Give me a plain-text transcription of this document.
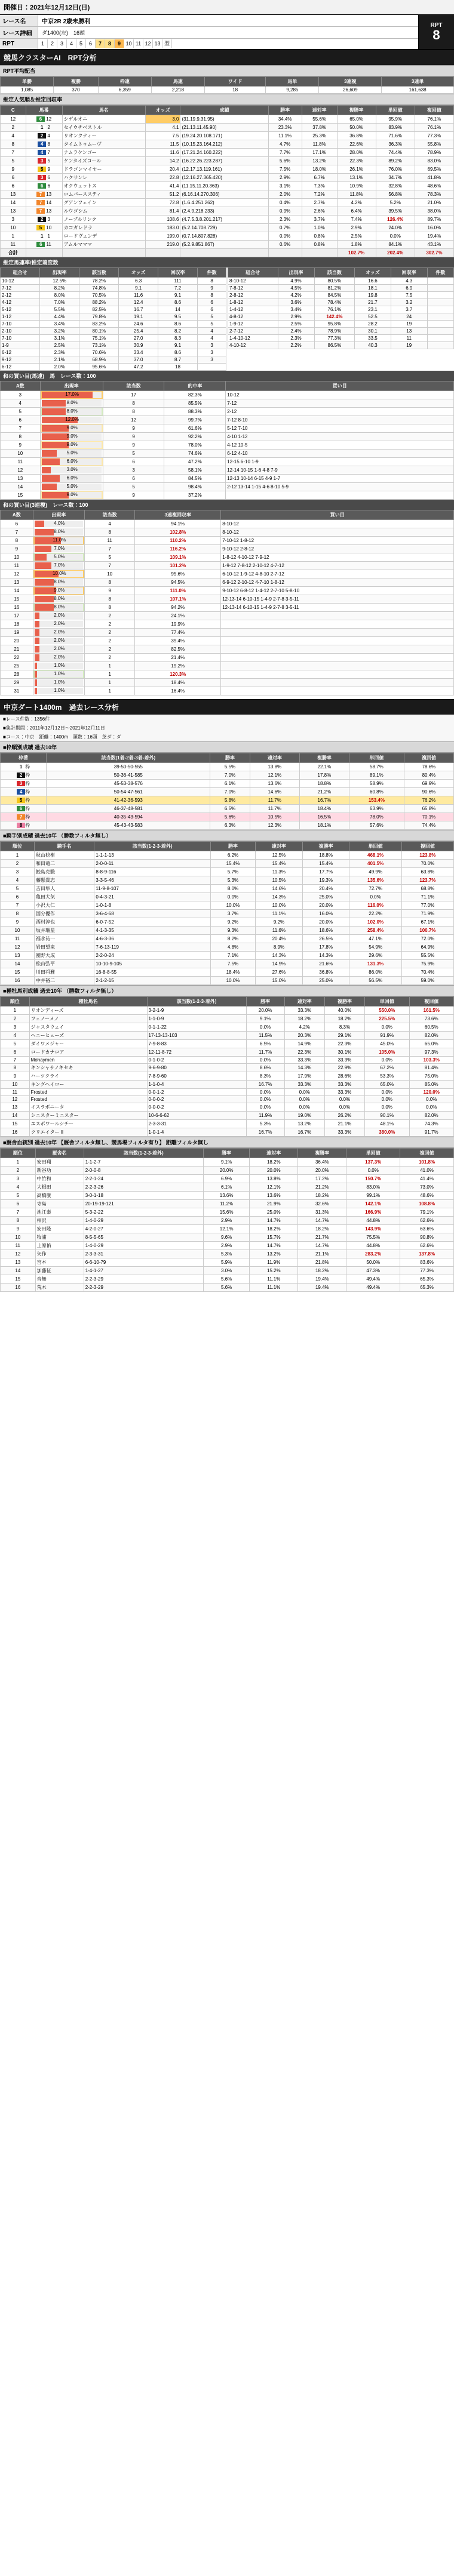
開催日：2021年12月12日(日)
レース名	中京2R 2歳未勝利
レース詳細	ダ1400(左)　16頭
RPT	1	2	3	4	5	6	7	8	9 10 11 12 13 型
RPT
8
競馬クラスターAI　RPT分析
RPT平均配当
単勝	複勝	枠連	馬連	ワイド	馬単	3連複	3連単
1,085	370	6,359	2,218	18	9,285	26,609	161,638
推定人気順＆推定回収率
С	馬番	馬名	オッズ	成績	勝率	連対率	複勝率	単回値	複回値
12	6 12	シゲルオニ	3.0	(31.19.9.31.95)	34.4%	55.6%	65.0%	95.9%	76.1%
2	1 2	セイウチベストル	4.1	(21.13.11.45.90)	23.3%	37.8%	50.0%	83.9%	76.1%
4	2 4	リオンクティー	7.5	(19.24.20.108.171)	11.1%	25.3%	36.8%	71.6%	77.3%
8	4 8	タイムトゥムーヴ	11.5	(10.15.23.164.212)	4.7%	11.8%	22.6%	36.3%	55.8%
7	4 7	ナムラケンゴー	11.6	(17.21.24.160.222)	7.7%	17.1%	28.0%	74.4%	78.9%
5	3 5	ケンタイズコール	14.2	(16.22.26.223.287)	5.6%	13.2%	22.3%	89.2%	83.0%
9	5 9	ドラゴンマイヤー	20.4	(12.17.13.119.161)	7.5%	18.0%	26.1%	76.0%	69.5%
6	3 6	ハクサンレ	22.8	(12.16.27.365.420)	2.9%	6.7%	13.1%	34.7%	41.8%
6	6 6	オクウェットス	41.4	(11.15.11.20.363)	3.1%	7.3%	10.9%	32.8%	48.6%
13	7 13	ロムパーススティ	51.2	(6.16.14.270.306)	2.0%	7.2%	11.8%	56.8%	78.3%
14	7 14	グアンフェイン	72.8	(1.6.4.251.262)	0.4%	2.7%	4.2%	5.2%	21.0%
13	7 13	ルウゴシム	81.4	(2.4.9.218.233)	0.9%	2.6%	6.4%	39.5%	38.0%
3	2 3	ノーブルリンク	108.6	(4.7.5.3.8.201.217)	2.3%	3.7%	7.4%	126.4%	89.7%
10	5 10	カコガレドラ	183.0	(5.2.14.708.729)	0.7%	1.0%	2.9%	24.0%	16.0%
1	1 1	ロードヴェンデ	199.0	(0.7.14.807.828)	0.0%	0.8%	2.5%	0.0%	19.4%
11	6 11	アムルマママ	219.0	(5.2.9.851.867)	0.6%	0.8%	1.8%	84.1%	43.1%
合計							102.7%	202.4%	302.7%
推定馬連率/推定着度数
組合せ	出現率	該当数	オッズ	回収率	件数
10-12	12.5%	78.2%	6.3	111	8
7-12	8.2%	74.8%	9.1	7.2	9
2-12	8.0%	70.5%	11.6	9.1	8
4-12	7.0%	88.2%	12.4	8.6	6
5-12	5.5%	82.5%	16.7	14	6
1-12	4.4%	79.8%	19.1	9.5	5
7-10	3.4%	83.2%	24.6	8.6	5
2-10	3.2%	80.1%	25.4	8.2	4
7-10	3.1%	75.1%	27.0	8.3	4
1-9	2.5%	73.1%	30.9	9.1	3
6-12	2.3%	70.6%	33.4	8.6	3
9-12	2.1%	68.9%	37.0	8.7	3
6-12	2.0%	95.6%	47.2	18	
組合せ	出現率	該当数	オッズ	回収率	件数
8-10-12	4.9%	80.5%	16.6	4.3	
7-8-12	4.5%	81.2%	18.1	6.9	
2-8-12	4.2%	84.5%	19.8	7.5	
1-8-12	3.6%	78.4%	21.7	3.2	
1-4-12	3.4%	76.1%	23.1	3.7	
4-8-12	2.9%	142.4%	52.5	24	
1-9-12	2.5%	95.8%	28.2	19	
2-7-12	2.4%	78.9%	30.1	13	
1-4-10-12	2.3%	77.3%	33.5	11	
4-10-12	2.2%	86.5%	40.3	19	
和の買い目(馬連)　馬　レース数：100
A数	出現率	該当数	的中率	買い目
3	17.0%	17	82.3%	10-12
4	8.0%	8	85.5%	7-12
5	8.0%	8	88.3%	2-12
6	12.0%	12	99.7%	7-12 8-10
7	9.0%	9	61.6%	5-12 7-10
8	9.0%	9	92.2%	4-10 1-12
9	9.0%	9	78.0%	4-12 10-5
10	5.0%	5	74.6%	6-12 4-10
11	6.0%	6	47.2%	12-15 6-10 1-9
12	3.0%	3	58.1%	12-14 10-15 1-6 4-8 7-9
13	6.0%	6	84.5%	12-13 10-14 6-15 4-9 1-7
14	5.0%	5	98.4%	2-12 13-14 1-15 4-6 8-10 5-9
15	9.0%	9	37.2%	
和の買い目(3連複)　レース数：100
A数	出現率	該当数	3連複回収率	買い目
6	4.0%	4	94.1%	8-10-12
7	8.0%	8	102.8%	8-10-12
8	11.0%	11	110.2%	7-10-12 1-8-12
9	7.0%	7	116.2%	9-10-12 2-8-12
10	5.0%	5	109.1%	1-8-12 4-10-12 7-9-12
11	7.0%	7	101.2%	1-9-12 7-8-12 2-10-12 4-7-12
12	10.0%	10	95.6%	6-10-12 1-9-12 4-8-10 2-7-12
13	8.0%	8	94.5%	6-9-12 2-10-12 4-7-10 1-8-12
14	9.0%	9	111.0%	9-10-12 6-8-12 1-4-12 2-7-10 5-8-10
15	8.0%	8	107.1%	12-13-14 6-10-15 1-4-9 2-7-8 3-5-11
16	8.0%	8	94.2%	12-13-14 6-10-15 1-4-9 2-7-8 3-5-11
17	2.0%	2	24.1%	
18	2.0%	2	19.9%	
19	2.0%	2	77.4%	
20	2.0%	2	39.4%	
21	2.0%	2	82.5%	
22	2.0%	2	21.4%	
25	1.0%	1	19.2%	
28	1.0%	1	120.3%	
29	1.0%	1	18.4%	
31	1.0%	1	16.4%	
中京ダート1400m　過去レース分析
■レース件数：1356件
■集計期間：2011年12月12日〜2021年12月11日
■コース：中京　距離：1400m　頭数：16頭　芝ダ：ダ
■枠順別成績 過去10年
枠番	該当数(1着-2着-3着-着外)	勝率	連対率	複勝率	単回値	複回値
1 枠	39-50-50-555	5.5%	13.8%	22.1%	58.7%	78.6%
2 枠	50-36-41-585	7.0%	12.1%	17.8%	89.1%	80.4%
3 枠	45-53-38-576	6.1%	13.6%	18.8%	58.9%	69.9%
4 枠	50-54-47-561	7.0%	14.6%	21.2%	60.8%	90.6%
5 枠	41-42-36-593	5.8%	11.7%	16.7%	153.4%	76.2%
6 枠	46-37-48-581	6.5%	11.7%	18.4%	63.9%	65.8%
7 枠	40-35-43-594	5.6%	10.5%	16.5%	78.0%	70.1%
8 枠	45-43-43-583	6.3%	12.3%	18.1%	57.6%	74.4%
■騎手別成績 過去10年 （勝数フィルタ無し）
順位	騎手名	該当数(1-2-3-着外)	勝率	連対率	複勝率	単回値	複回値
1	秋山稔樹	1-1-1-13	6.2%	12.5%	18.8%	468.1%	123.8%
2	和田竜二	2-0-0-11	15.4%	15.4%	15.4%	401.5%	70.0%
3	鮫島克駿	8-8-9-116	5.7%	11.3%	17.7%	49.9%	63.8%
4	藤懸貴志	3-3-5-46	5.3%	10.5%	19.3%	135.6%	123.7%
5	吉田隼人	11-9-8-107	8.0%	14.6%	20.4%	72.7%	68.8%
6	亀田大気	0-4-3-21	0.0%	14.3%	25.0%	0.0%	71.1%
7	小沢大仁	1-0-1-8	10.0%	10.0%	20.0%	116.0%	77.0%
8	国分優作	3-6-4-68	3.7%	11.1%	16.0%	22.2%	71.9%
9	西村淳也	6-0-7-52	9.2%	9.2%	20.0%	102.0%	67.1%
10	坂井瑠星	4-1-3-35	9.3%	11.6%	18.6%	258.4%	100.7%
11	福永祐一	4-6-3-36	8.2%	20.4%	26.5%	47.1%	72.0%
12	岩田望来	7-6-13-119	4.8%	8.9%	17.8%	54.9%	64.9%
13	團野大成	2-2-0-24	7.1%	14.3%	14.3%	29.6%	55.5%
14	松山弘平	10-10-9-105	7.5%	14.9%	21.6%	131.3%	75.9%
15	川田将雅	16-8-8-55	18.4%	27.6%	36.8%	86.0%	70.4%
16	中井裕二	2-1-2-15	10.0%	15.0%	25.0%	56.5%	59.0%
■種牡馬別成績 過去10年 （勝数フィルタ無し）
順位	種牡馬名	該当数(1-2-3-着外)	勝率	連対率	複勝率	単回値	複回値
1	リオンディーズ	3-2-1-9	20.0%	33.3%	40.0%	550.0%	161.5%
2	フェノーメノ	1-1-0-9	9.1%	18.2%	18.2%	225.5%	73.6%
3	ジャスタウェイ	0-1-1-22	0.0%	4.2%	8.3%	0.0%	60.5%
4	ヘニーヒューズ	17-13-13-103	11.5%	20.3%	29.1%	91.9%	82.0%
5	ダイワメジャー	7-9-8-83	6.5%	14.9%	22.3%	45.0%	65.0%
6	ロードカナロア	12-11-8-72	11.7%	22.3%	30.1%	105.0%	97.3%
7	Mohaymen	0-1-0-2	0.0%	33.3%	33.3%	0.0%	103.3%
8	キンシャサノキセキ	9-6-9-80	8.6%	14.3%	22.9%	67.2%	81.4%
9	ハーツクライ	7-8-9-60	8.3%	17.9%	28.6%	53.3%	75.0%
10	キングヘイロー	1-1-0-4	16.7%	33.3%	33.3%	65.0%	85.0%
11	Frosted	0-0-1-2	0.0%	0.0%	33.3%	0.0%	120.0%
12	Frosted	0-0-0-2	0.0%	0.0%	0.0%	0.0%	0.0%
13	イスラボニータ	0-0-0-2	0.0%	0.0%	0.0%	0.0%	0.0%
14	シニスターミニスター	10-6-6-62	11.9%	19.0%	26.2%	90.1%	82.0%
15	エスポワールシチー	2-3-3-31	5.3%	13.2%	21.1%	48.1%	74.3%
16	クリエイター II	1-0-1-4	16.7%	16.7%	33.3%	380.0%	91.7%
■厩舎血統別 過去10年 【厩舎フィルタ無し、競馬場フィルタ有り】 距離フィルタ無し
順位	厩舎名	該当数(1-2-3-着外)	勝率	連対率	複勝率	単回値	複回値
1	安田翔	1-1-2-7	9.1%	18.2%	36.4%	137.3%	101.8%
2	新谷功	2-0-0-8	20.0%	20.0%	20.0%	0.0%	41.0%
3	中竹和	2-2-1-24	6.9%	13.8%	17.2%	150.7%	41.4%
4	大根田	2-2-3-26	6.1%	12.1%	21.2%	83.0%	73.0%
5	高橋康	3-0-1-18	13.6%	13.6%	18.2%	99.1%	48.6%
6	寺島	20-19-19-121	11.2%	21.9%	32.6%	142.1%	108.8%
7	池江泰	5-3-2-22	15.6%	25.0%	31.3%	166.9%	79.1%
8	相沢	1-4-0-29	2.9%	14.7%	14.7%	44.8%	62.6%
9	安田隆	4-2-0-27	12.1%	18.2%	18.2%	143.9%	63.6%
10	牧浦	8-5-5-65	9.6%	15.7%	21.7%	75.5%	90.8%
11	上原佑	1-4-0-29	2.9%	14.7%	14.7%	44.8%	62.6%
12	矢作	2-3-3-31	5.3%	13.2%	21.1%	283.2%	137.8%
13	宮本	6-6-10-79	5.9%	11.9%	21.8%	50.0%	83.6%
14	加藤征	1-4-1-27	3.0%	15.2%	18.2%	47.3%	77.3%
15	音無	2-2-3-29	5.6%	11.1%	19.4%	49.4%	65.3%
16	荒木	2-2-3-29	5.6%	11.1%	19.4%	49.4%	65.3%
